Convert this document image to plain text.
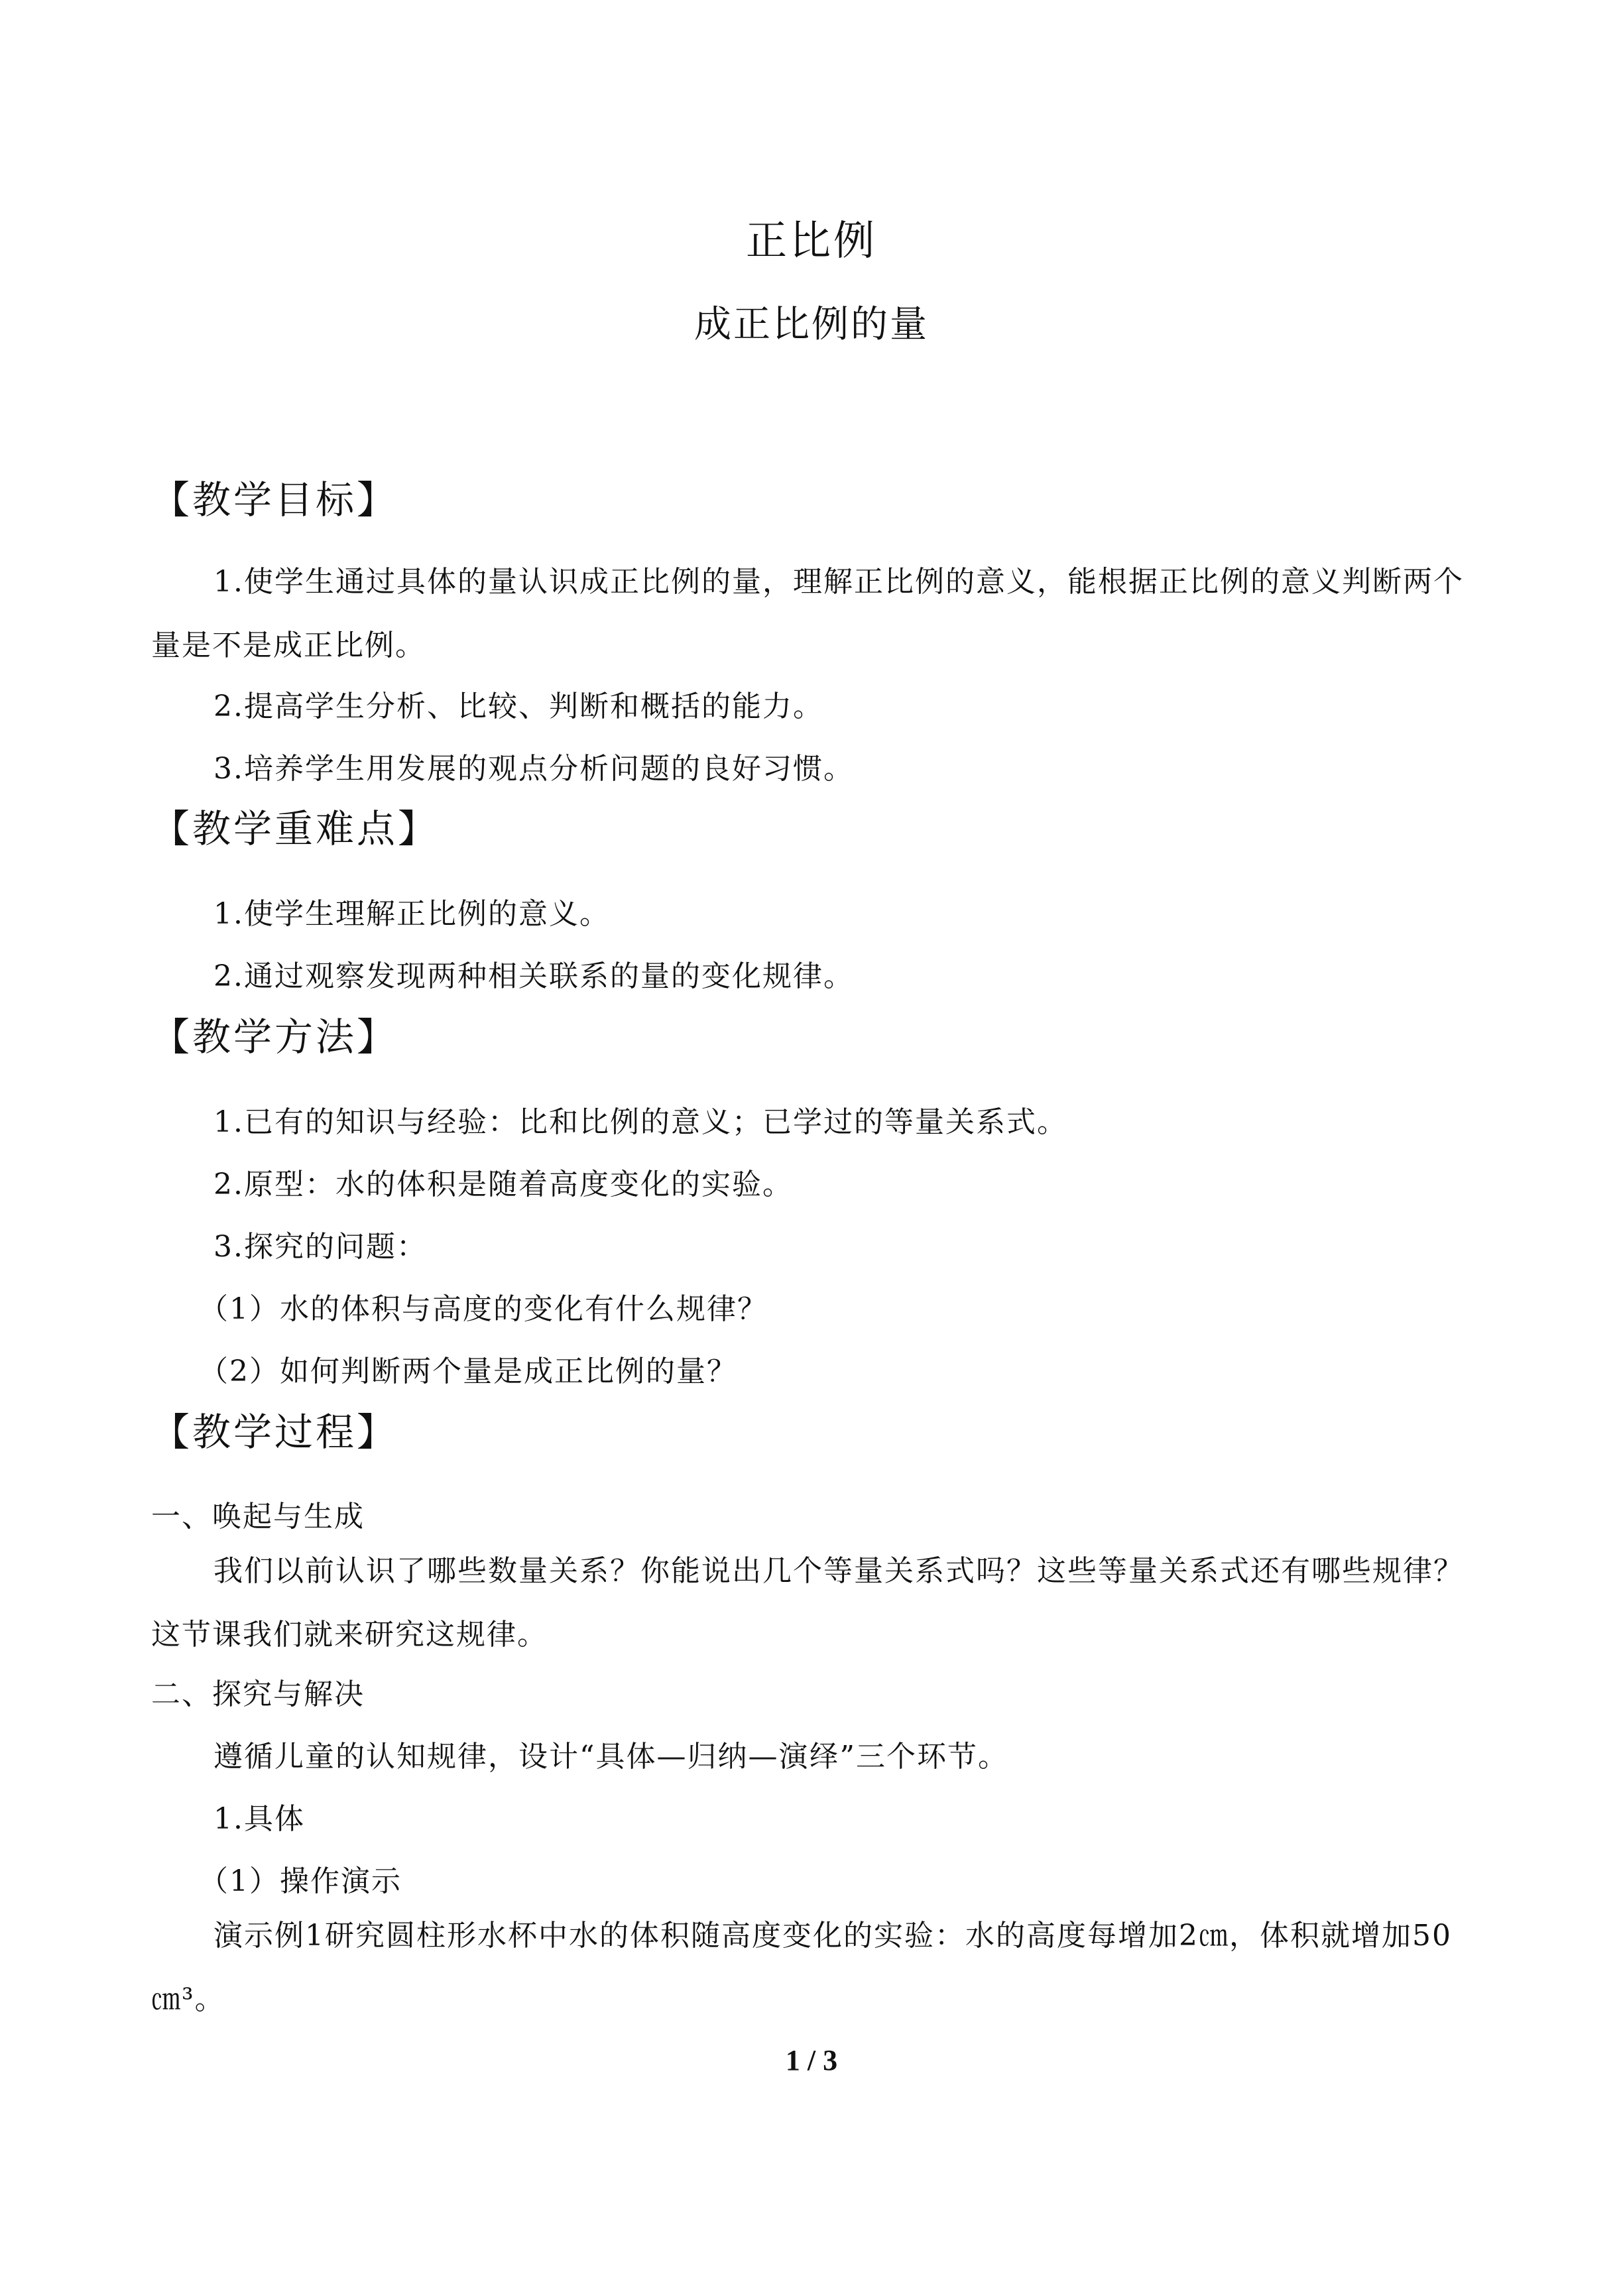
正比例
成正比例的量
【教学目标】
1.使学生通过具体的量认识成正比例的量，理解正比例的意义，能根据正比例的意义判断两个量是不是成正比例。
2.提高学生分析、比较、判断和概括的能力。
3.培养学生用发展的观点分析问题的良好习惯。
【教学重难点】
1.使学生理解正比例的意义。
2.通过观察发现两种相关联系的量的变化规律。
【教学方法】
1.已有的知识与经验：比和比例的意义；已学过的等量关系式。
2.原型：水的体积是随着高度变化的实验。
3.探究的问题：
（1）水的体积与高度的变化有什么规律？
（2）如何判断两个量是成正比例的量？
【教学过程】
一、唤起与生成
我们以前认识了哪些数量关系？你能说出几个等量关系式吗？这些等量关系式还有哪些规律？这节课我们就来研究这规律。
二、探究与解决
遵循儿童的认知规律，设计“具体—归纳—演绎”三个环节。
1.具体
（1）操作演示
演示例1研究圆柱形水杯中水的体积随高度变化的实验：水的高度每增加2㎝，体积就增加50㎝³。
1 / 3
